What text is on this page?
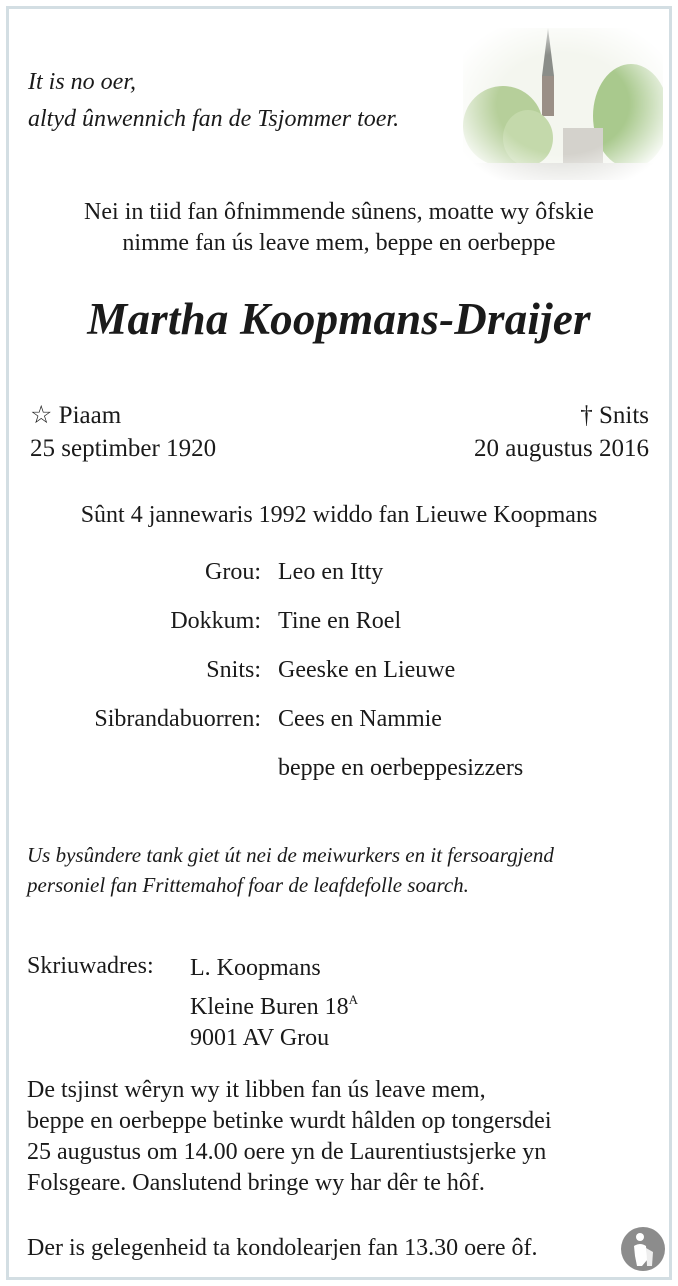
It is no oer,
altyd ûnwennich fan de Tsjommer toer.
Nei in tiid fan ôfnimmende sûnens, moatte wy ôfskie
nimme fan ús leave mem, beppe en oerbeppe
Martha Koopmans-Draijer
☆ Piaam
25 septimber 1920
† Snits
20 augustus 2016
Sûnt 4 jannewaris 1992 widdo fan Lieuwe Koopmans
Grou: Leo en Itty
Dokkum: Tine en Roel
Snits: Geeske en Lieuwe
Sibrandabuorren: Cees en Nammie
beppe en oerbeppesizzers
Us bysûndere tank giet út nei de meiwurkers en it fersoargjend
personiel fan Frittemahof foar de leafdefolle soarch.
Skriuwadres: L. Koopmans
Kleine Buren $18^A$
9001 AV Grou
De tsjinst wêryn wy it libben fan ús leave mem,
beppe en oerbeppe betinke wurdt hâlden op tongersdei
25 augustus om 14.00 oere yn de Laurentiustsjerke yn
Folsgeare. Oanslutend bringe wy har dêr te hôf.
Der is gelegenheid ta kondolearjen fan 13.30 oere ôf.
